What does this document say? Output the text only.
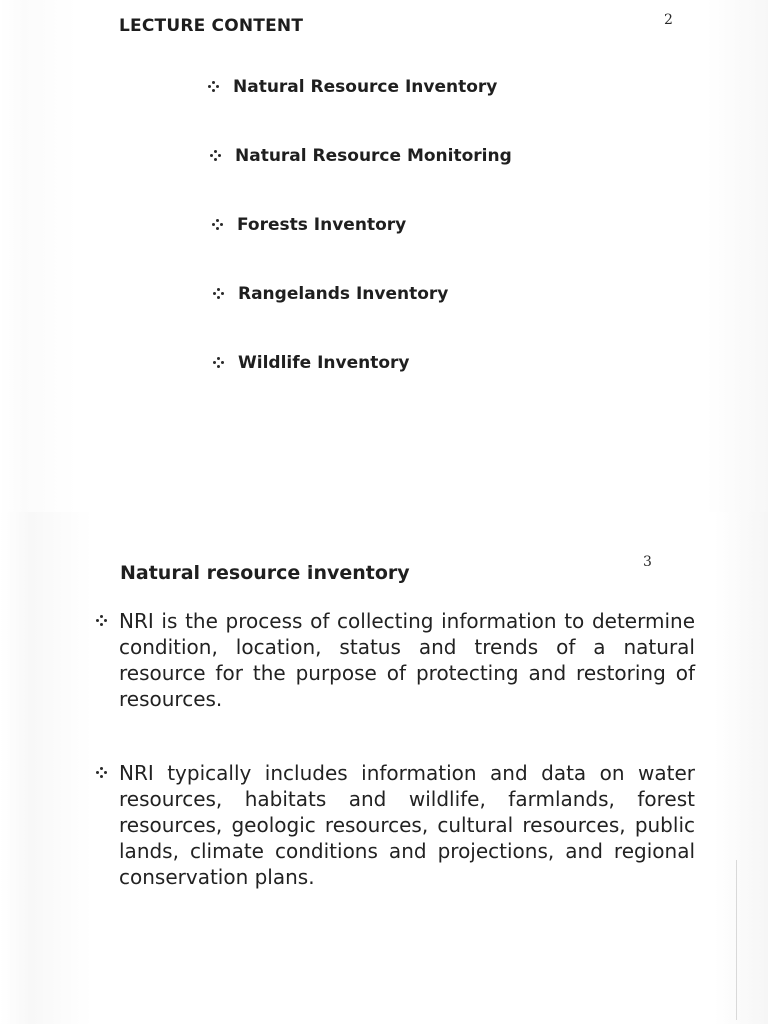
LECTURE CONTENT	2
Natural Resource Inventory
Natural Resource Monitoring
Forests Inventory
Rangelands Inventory
Wildlife Inventory
Natural resource inventory	3

NRI is the process of collecting information to determine condition, location, status and trends of a natural resource for the purpose of protecting and restoring of resources.

NRI typically includes information and data on water resources, habitats and wildlife, farmlands, forest resources, geologic resources, cultural resources, public lands, climate conditions and projections, and regional conservation plans.
